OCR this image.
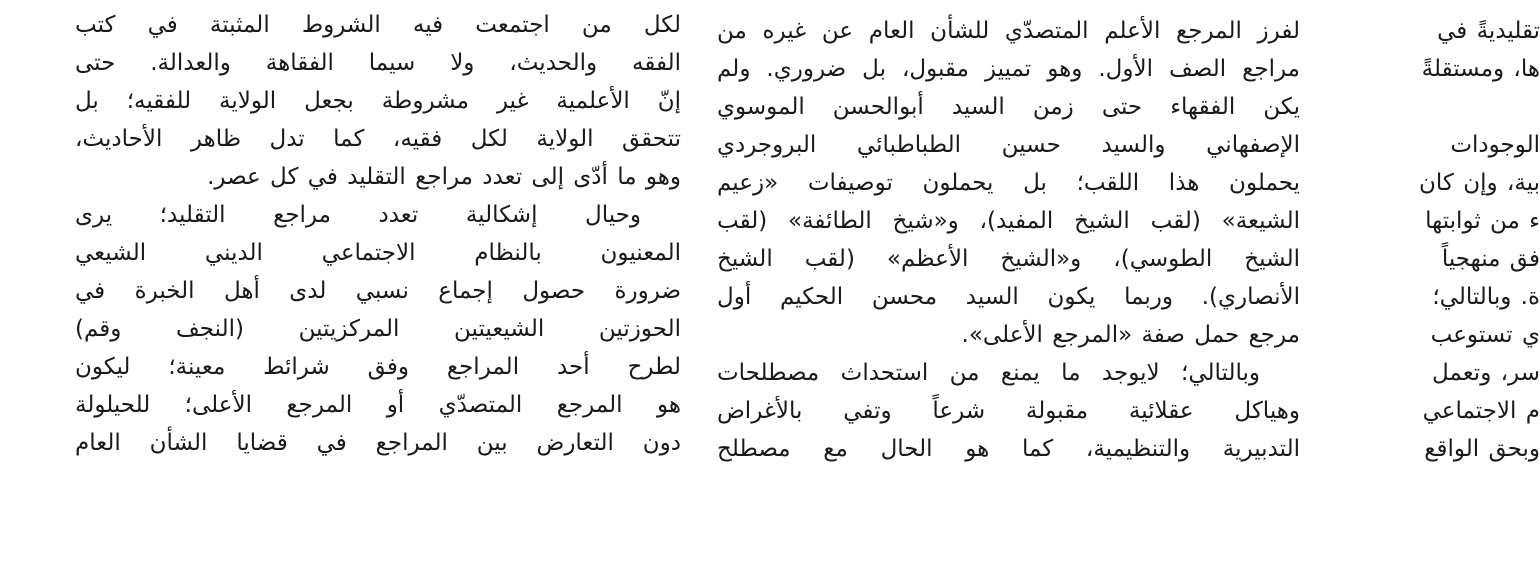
لكل من اجتمعت فيه الشروط المثبتة في كتب
الفقه والحديث، ولا سيما الفقاهة والعدالة. حتى
إنّ الأعلمية غير مشروطة بجعل الولاية للفقيه؛ بل
تتحقق الولاية لكل فقيه، كما تدل ظاهر الأحاديث،
وهو ما أدّى إلى تعدد مراجع التقليد في كل عصر.
وحيال إشكالية تعدد مراجع التقليد؛ يرى
المعنيون بالنظام الاجتماعي الديني الشيعي
ضرورة حصول إجماع نسبي لدى أهل الخبرة في
الحوزتين الشيعيتين المركزيتين (النجف وقم)
لطرح أحد المراجع وفق شرائط معينة؛ ليكون
هو المرجع المتصدّي أو المرجع الأعلى؛ للحيلولة
دون التعارض بين المراجع في قضايا الشأن العام
لفرز المرجع الأعلم المتصدّي للشأن العام عن غيره من
مراجع الصف الأول. وهو تمييز مقبول، بل ضروري. ولم
يكن الفقهاء حتى زمن السيد أبوالحسن الموسوي
الإصفهاني والسيد حسين الطباطبائي البروجردي
يحملون هذا اللقب؛ بل يحملون توصيفات «زعيم
الشيعة» (لقب الشيخ المفيد)، و«شيخ الطائفة» (لقب
الشيخ الطوسي)، و«الشيخ الأعظم» (لقب الشيخ
الأنصاري). وربما يكون السيد محسن الحكيم أول
مرجع حمل صفة «المرجع الأعلى».
وبالتالي؛ لايوجد ما يمنع من استحداث مصطلحات
وهياكل عقلائية مقبولة شرعاً وتفي بالأغراض
التدبيرية والتنظيمية، كما هو الحال مع مصطلح
تقليديةً في
ها، ومستقلةً
الوجودات
بية، وإن كان
ء من ثوابتها
فق منهجياً
ة. وبالتالي؛
ي تستوعب
سر، وتعمل
م الاجتماعي
وبحق الواقع
